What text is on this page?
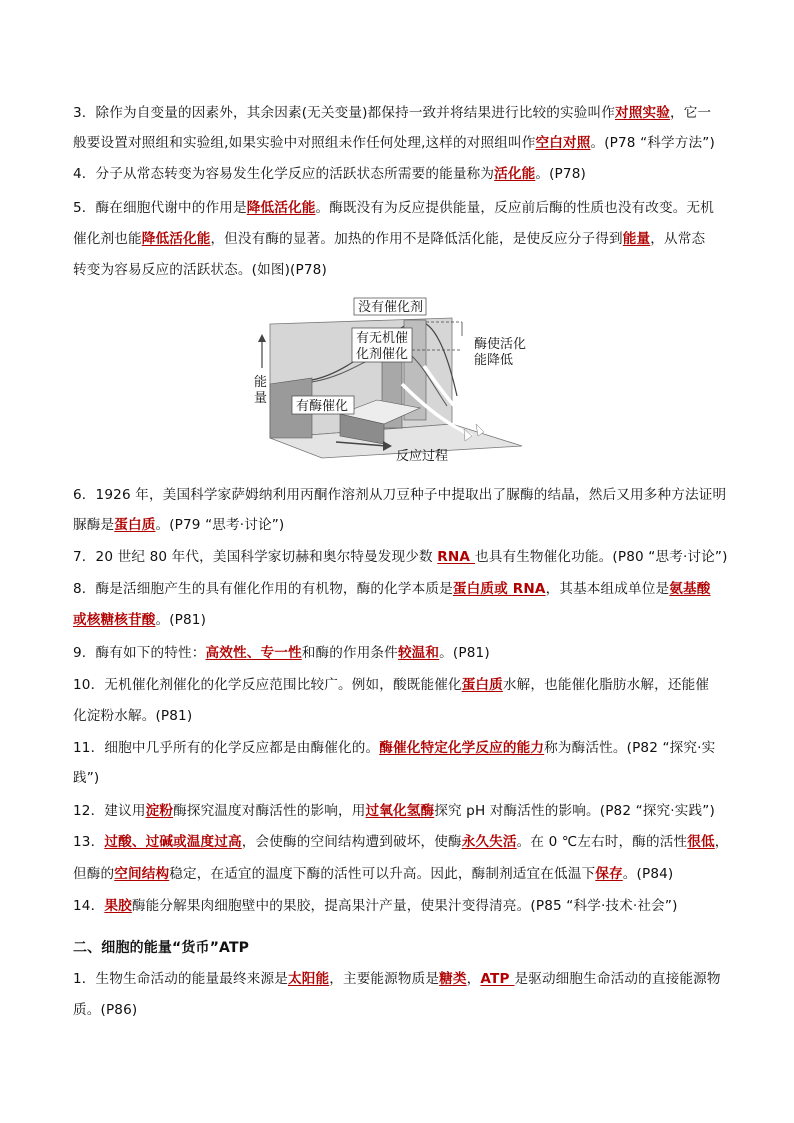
3．除作为自变量的因素外，其余因素(无关变量)都保持一致并将结果进行比较的实验叫作对照实验，它一
般要设置对照组和实验组,如果实验中对照组未作任何处理,这样的对照组叫作空白对照。(P78 “科学方法”)
4．分子从常态转变为容易发生化学反应的活跃状态所需要的能量称为活化能。(P78)
5．酶在细胞代谢中的作用是降低活化能。酶既没有为反应提供能量，反应前后酶的性质也没有改变。无机
催化剂也能降低活化能，但没有酶的显著。加热的作用不是降低活化能，是使反应分子得到能量，从常态
转变为容易反应的活跃状态。(如图)(P78)
没有催化剂
有无机催
化剂催化
酶使活化
能降低
能
量
有酶催化
反应过程
6．1926 年，美国科学家萨姆纳利用丙酮作溶剂从刀豆种子中提取出了脲酶的结晶，然后又用多种方法证明
脲酶是蛋白质。(P79 “思考·讨论”)
7．20 世纪 80 年代，美国科学家切赫和奥尔特曼发现少数 RNA 也具有生物催化功能。(P80 “思考·讨论”)
8．酶是活细胞产生的具有催化作用的有机物，酶的化学本质是蛋白质或 RNA，其基本组成单位是氨基酸
或核糖核苷酸。(P81)
9．酶有如下的特性：高效性、专一性和酶的作用条件较温和。(P81)
10．无机催化剂催化的化学反应范围比较广。例如，酸既能催化蛋白质水解，也能催化脂肪水解，还能催
化淀粉水解。(P81)
11．细胞中几乎所有的化学反应都是由酶催化的。酶催化特定化学反应的能力称为酶活性。(P82 “探究·实
践”)
12．建议用淀粉酶探究温度对酶活性的影响，用过氧化氢酶探究 pH 对酶活性的影响。(P82 “探究·实践”)
13．过酸、过碱或温度过高，会使酶的空间结构遭到破坏，使酶永久失活。在 0 ℃左右时，酶的活性很低，
但酶的空间结构稳定，在适宜的温度下酶的活性可以升高。因此，酶制剂适宜在低温下保存。(P84)
14．果胶酶能分解果肉细胞壁中的果胶，提高果汁产量，使果汁变得清亮。(P85 “科学·技术·社会”)
二、细胞的能量“货币”ATP
1．生物生命活动的能量最终来源是太阳能，主要能源物质是糖类，ATP 是驱动细胞生命活动的直接能源物
质。(P86)
